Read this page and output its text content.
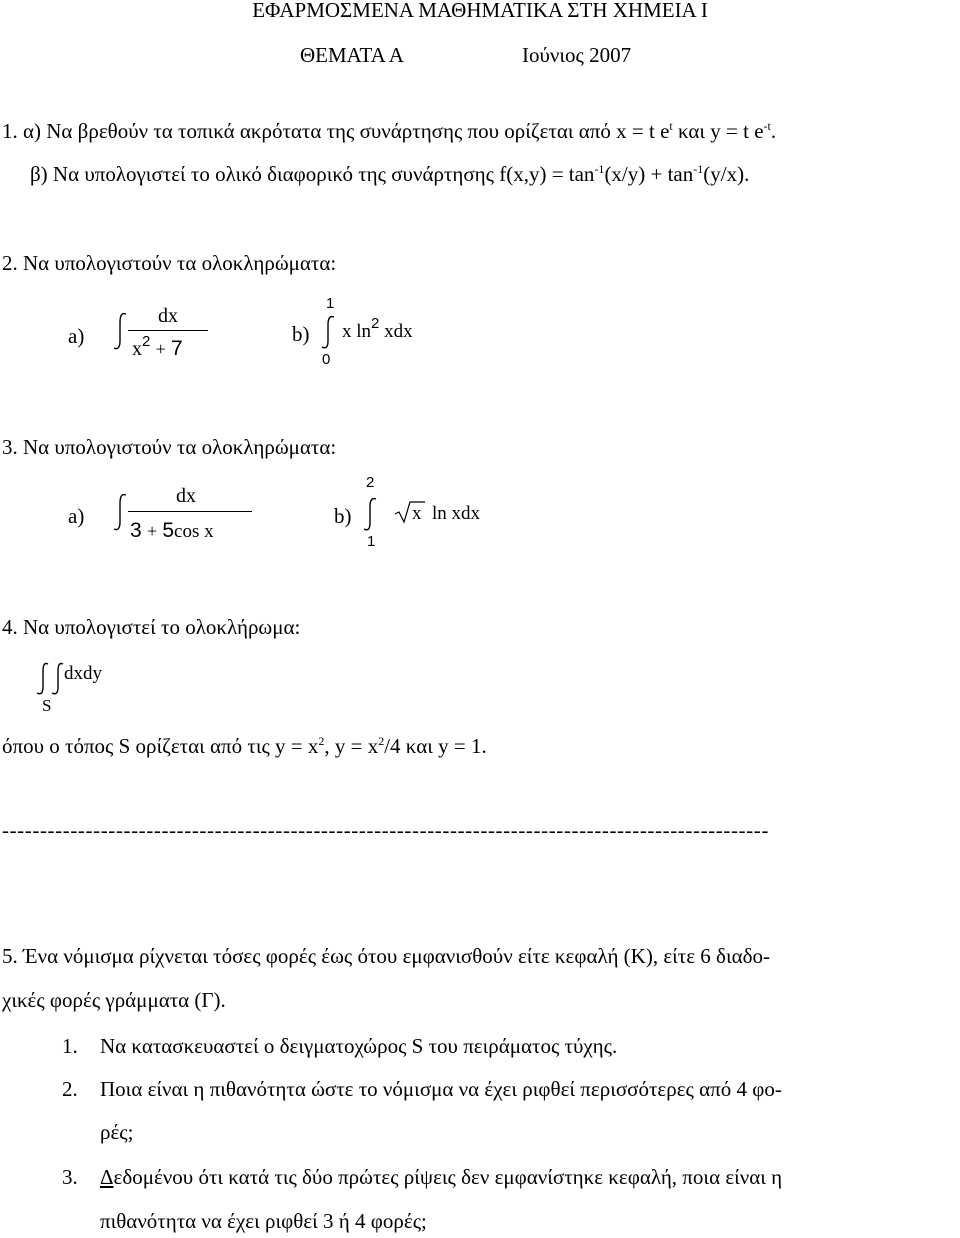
ΕΦΑΡΜΟΣΜΕΝΑ ΜΑΘΗΜΑΤΙΚΑ ΣΤΗ ΧΗΜΕΙΑ Ι
ΘΕΜΑΤΑ Α	Ιούνιος 2007
1. α) Να βρεθούν τα τοπικά ακρότατα της συνάρτησης που ορίζεται από x = t $e^t$ και y = t $e^{-t}$.
β) Να υπολογιστεί το ολικό διαφορικό της συνάρτησης $f(x,y) = \tan^{-1}(x/y) + \tan^{-1}(y/x)$.
2. Να υπολογιστούν τα ολοκληρώματα:
a)
dx
$x^2 + 7$
b)
1
0
x $\ln^2$ xdx
3. Να υπολογιστούν τα ολοκληρώματα:
a)
dx
3 + 5cos x
b)
2
1
x ln xdx
4. Να υπολογιστεί το ολοκλήρωμα:
dxdy
S
όπου ο τόπος S ορίζεται από τις $y = x^2$, $y = x^2/4$ και y = 1.
-----------------------------------------------------------------------------------------------------
5. Ένα νόμισμα ρίχνεται τόσες φορές έως ότου εμφανισθούν είτε κεφαλή (Κ), είτε 6 διαδο-
χικές φορές γράμματα (Γ).
1. Να κατασκευαστεί ο δειγματοχώρος S του πειράματος τύχης.
2. Ποια είναι η πιθανότητα ώστε το νόμισμα να έχει ριφθεί περισσότερες από 4 φο-
ρές;
3. Δεδομένου ότι κατά τις δύο πρώτες ρίψεις δεν εμφανίστηκε κεφαλή, ποια είναι η
πιθανότητα να έχει ριφθεί 3 ή 4 φορές;
